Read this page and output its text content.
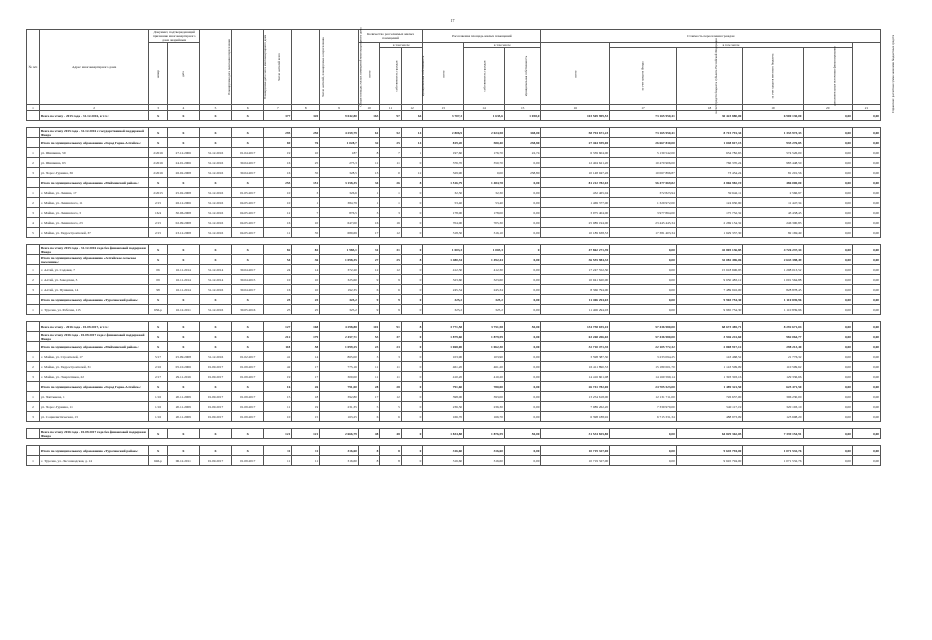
17
№ п/п	Адрес многоквартирного дома	Документ, подтверждающий признание многоквартирного дома аварийным		Планируемая дата окончания переселения	Планируемая дата сноса многоквартирного дома	Число жителей всего	Число жителей, планируемых к переселению	Общая площадь жилых помещений многоквартирного дома	Количество расселяемых жилых помещений			Расселяемая площадь жилых помещений			Стоимость переселения граждан					
		номер	дата						всего	в том числе		всего	в том числе		всего	в том числе				Справочно: расчетная сумма экономии бюджетных средств
										собственность граждан	муниципальная собственность		собственность граждан	муниципальная собственность		за счет средств Фонда	за счет средств бюджета субъекта Российской Федерации	за счет средств местного бюджета	дополнительные источники финансирования	
1	2	3	4	5	6	7	8	9	10	11	12	13	14	15	16	17	18	19	20	21
	Всего по этапу - 2015 года - 31.12.2016, в т.ч.:	X	X	X	X	377	320	9 042,80	163	97	64	3 707,3	1 635,6	1 058,0	103 569 909,53	73 165 950,41	30 423 880,00	6 900 130,00	0,00	0,00

	Всего по этапу 2015 года - 31.12.2016 с государственной поддержкой Фонда	X	X	X	X	295	250	4 259,79	61	52	14	2 806,9	2 024,58	348,00	58 794 671,23	73 165 950,41	8 715 791,34	1 333 973,33	0,00	0,00
	Итого по муниципальному образованию «Город Горно-Алтайск»:	X	X	X	X	69	76	1 028,7	32	25	14	819,20	580,40	238,80	27 464 939,00	26 667 830,00	1 048 817,15	935 276,85	0,00	0,00
1	ул. Шишкина, 59	2/2016	27.12.2006	31.12.2016	01.04.2017	19	10	187	8	7	1	197,60	176,70	22,74	6 339 604,00	5 130 542,00	634 782,65	574 526,00	0,00	0,00
2	ул. Шишкина, 63	2/2016	24.01.2006	31.12.2016	30.04.2017	16	25	275,3	11	11	0	376,70	350,70	0,00	12 404 621,20	10 470 906,00	766 370,24	983 448,50	0,00	0,00
3	ул. Чорос-Гуркина, 36	2/2016	26.02.2008	31.12.2016	30.04.2017	16	35	328,5	13	0	12	329,90	0,00	238,80	10 148 947,26	10 067 896,87	73 454,24	81 201,56	0,00	0,00
	Итого по муниципальному образованию «Майминский район»:	X	X	X	X	255	151	3 158,35	34	26	8	1 516,79	1 484,78	0,00	81 212 782,03	56 477 069,82	4 866 982,19	486 000,00	0,00	0,00
1	с. Майма, ул. Ленина, 17	2/2015	25.02.2008	31.12.2016	01.05.2017	10	3	326,6	1	1	0	32,30	32,30	0,00	432 465,04	372 823,94	59 642,11	2 566,97	0,00	0,00
2	с. Майма, ул. Ленинского, 11	2/15	26.12.2006	31.12.2016	04.05.2017	10	1	384,79	1	1	0	53,40	53,40	0,00	1 469 377,00	1 329 972,00	124 930,90	11 447,34	0,00	0,00
3	с. Майма, ул. Ленинского, 3	16/4	30.06.2008	31.12.2016	04.05.2017	12	7	876,5	3	3	0	178,00	178,00	0,00	3 975 404,00	3 977 864,00	175 732,32	43 438,45	0,00	0,00
4	с. Майма, ул. Ленинского, 23	2/15	02.09.2008	31.12.2016	04.05.2017	16	10	647,00	16	16	0	704,00	705,30	0,00	25 089 194,00	23 445 445,34	2 269 154,32	246 300,83	0,00	0,00
5	с. Майма, ул. Гидростроителей, 37	2/15	23.12.2008	31.12.2016	04.05.2017	11	35	689,69	17	12	0	318,30	316,10	0,00	10 189 638,53	17 381 403,34	1 629 337,30	82 169,49	0,00	0,00

	Всего по этапу 2015 года - 31.12.2016 года без финансовой поддержки Фонда	X	X	X	X	82	82	1 985,1	31	31	0	1 003,3	1 003,3	0	47 862 271,39	0,00	42 805 136,85	4 726 237,34	0,00	0,00
	Итого по муниципальному образованию «Алтайское сельское поселение»:	X	X	X	X	54	36	1 098,35	27	25	8	1 480,34	1 492,44	0,00	36 555 984,33	0,00	32 082 496,06	2 643 398,49	0,00	0,00
1	с. Алтай, ул. Садовая, 7	06	16.11.2014	31.12.2014	30.04.2017	24	14	372,20	12	12	0	412,30	412,30	0,00	17 247 552,30	0,00	15 618 696,95	1 298 013,52	0,00	0,00
2	с. Алтай, ул. Заводская, 3	09	16.11.2014	31.12.2014	30.04.2015	10	10	325,60	9	9	0	323,60	323,60	0,00	10 941 620,00	0,00	9 650 483,12	1 001 564,88	0,00	0,00
3	с. Алтай, ул. Пушкина, 14	98	16.11.2014	31.12.2016	30.04.2017	16	10	192,35	6	6	0	245,34	245,34	0,00	8 366 794,00	0,00	7 489 916,00	828 878,45	0,00	0,00
	Итого по муниципальному образованию «Турочакский район»:	X	X	X	X	25	25	325,2	9	9	0	325,2	325,2	0,00	11 406 294,03	0,00	9 965 754,30	1 110 839,96	0,00	0,00
1	с. Турочак, ул. Рабочая, 115	636-р	16.12.2011	31.12.2016	30.05.2016	25	25	325,2	9	9	0	325,2	325,2	0,00	11 406 294,03	0,00	9 965 754,30	1 110 839,96	0,00	0,00

	Всего по этапу - 2016 года - 01.09.2017, в т.ч.:	X	X	X	X	127	168	4 298,88	101	91	8	3 771,58	3 751,58	50,00	134 758 035,10	57 436 980,00	68 673 485,71	8 292 671,04	0,00	0,00
	Всего по этапу 2016 года - 01.09.2017 года с финансовой поддержкой Фонда	X	X	X	X	212	179	2 457,71	53	37	0	1 879,60	1 879,59	0,00	63 268 206,65	57 436 980,00	3 946 241,60	982 064,77	0,00	0,00
	Итого по муниципальному образованию «Майминский район»:	X	X	X	X	118	58	1 099,25	23	23	0	1 068,00	1 062,30	0,00	32 710 471,35	22 105 772,32	2 808 917,12	298 213,40	0,00	0,00
1	с. Майма, ул. Строителей, 17	5/17	25.09.2008	31.12.2016	01.02.2017	41	14	865,00	3	3	0	103,90	103,90	0,00	3 598 387,30	3 233 094,25	143 468,52	21 776,32	0,00	0,00
2	с. Майма, ул. Гидростроителей, 31	2/16	05.10.2006	01.09.2017	01.09.2017	42	17	775,16	11	11	0	461,20	461,20	0,00	16 411 890,53	15 180 001,70	1 143 509,09	110 509,62	0,00	0,00
3	с. Майма, ул. Энергетиков, 22	2/17	29.11.2016	01.09.2017	01.09.2017	19	17	300,00	11	11	0	410,20	410,20	0,00	14 416 601,08	14 160 599,14	1 393 303,16	129 336,66	0,00	0,00
	Итого по муниципальному образованию «Город Горно-Алтайск»:	X	X	X	X	16	26	791,00	28	28	0	791,60	780,00	0,00	26 741 782,00	24 705 523,00	1 489 321,50	625 471,50	0,00	0,00
1	ул. Чаптыкова, 1	1/16	20.11.2009	01.09.2017	01.09.2017	15	18	392,80	17	12	0	398,00	393,00	0,00	13 254 618,00	12 131 711,00	726 637,00	396 230,00	0,00	0,00
2	ул. Чорос-Гуркина, 11	1/16	20.11.2009	01.09.2017	01.09.2017	11	19	231,35	5	5	0	236,30	236,30	0,00	7 089 262,20	7 339 970,00	540 117,19	320 193,10	0,00	0,00
3	ул. Социалистическая, 13	1/16	20.11.2009	01.09.2017	01.09.2017	10	15	163,25	6	6	0	166,70	166,70	0,00	6 398 188,92	6 715 331,34	488 973,09	123 608,20	0,00	0,00

	Всего по этапу 2016 года - 01.09.2017 года без финансовой поддержки Фонда	X	X	X	X	121	121	2 666,79	48	48	0	1 834,88	1 876,59	50,00	31 534 825,80	0,00	64 829 362,05	7 339 154,91	0,00	0,00

	Итого по муниципальному образованию «Турочакский район»:	X	X	X	X	11	11	316,60	8	8	0	316,60	316,60	0,00	10 719 327,00	0,00	9 645 794,00	1 071 532,76	0,00	0,00
1	с. Турочак, ул. Лесозаводская, д. 14	646-р	06.12.2011	01.09.2017	01.09.2017	11	11	316,60	8	8	0	316,60	316,60	0,00	10 719 327,00	0,00	9 645 794,00	1 071 532,76	0,00	0,00
